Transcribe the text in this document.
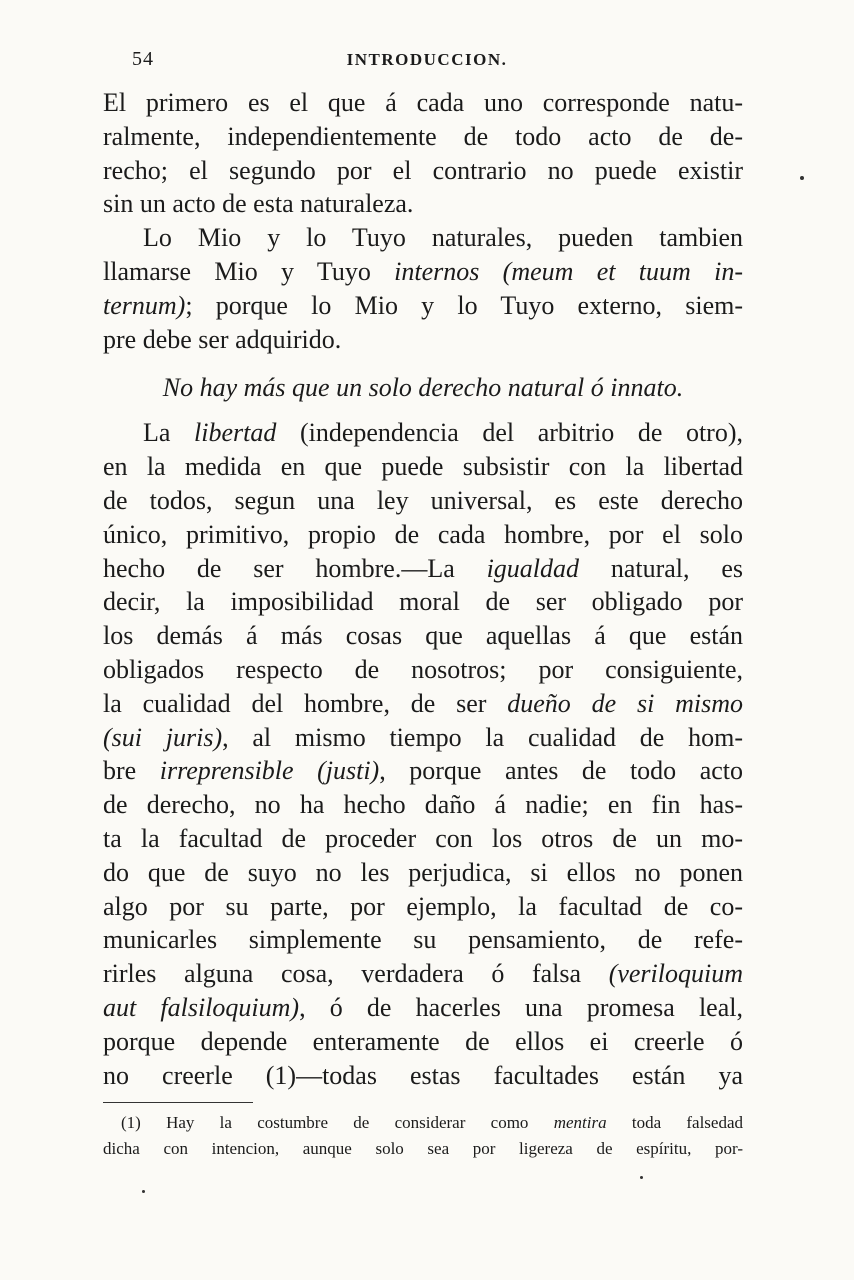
54	INTRODUCCION.
El primero es el que á cada uno corresponde natu-
ralmente, independientemente de todo acto de de-
recho; el segundo por el contrario no puede existir
sin un acto de esta naturaleza.
Lo Mio y lo Tuyo naturales, pueden tambien
llamarse Mio y Tuyo internos (meum et tuum in-
ternum); porque lo Mio y lo Tuyo externo, siem-
pre debe ser adquirido.
No hay más que un solo derecho natural ó innato.
La libertad (independencia del arbitrio de otro),
en la medida en que puede subsistir con la libertad
de todos, segun una ley universal, es este derecho
único, primitivo, propio de cada hombre, por el solo
hecho de ser hombre.—La igualdad natural, es
decir, la imposibilidad moral de ser obligado por
los demás á más cosas que aquellas á que están
obligados respecto de nosotros; por consiguiente,
la cualidad del hombre, de ser dueño de si mismo
(sui juris), al mismo tiempo la cualidad de hom-
bre irreprensible (justi), porque antes de todo acto
de derecho, no ha hecho daño á nadie; en fin has-
ta la facultad de proceder con los otros de un mo-
do que de suyo no les perjudica, si ellos no ponen
algo por su parte, por ejemplo, la facultad de co-
municarles simplemente su pensamiento, de refe-
rirles alguna cosa, verdadera ó falsa (veriloquium
aut falsiloquium), ó de hacerles una promesa leal,
porque depende enteramente de ellos ei creerle ó
no creerle (1)—todas estas facultades están ya
(1) Hay la costumbre de considerar como mentira toda falsedad
dicha con intencion, aunque solo sea por ligereza de espíritu, por-
